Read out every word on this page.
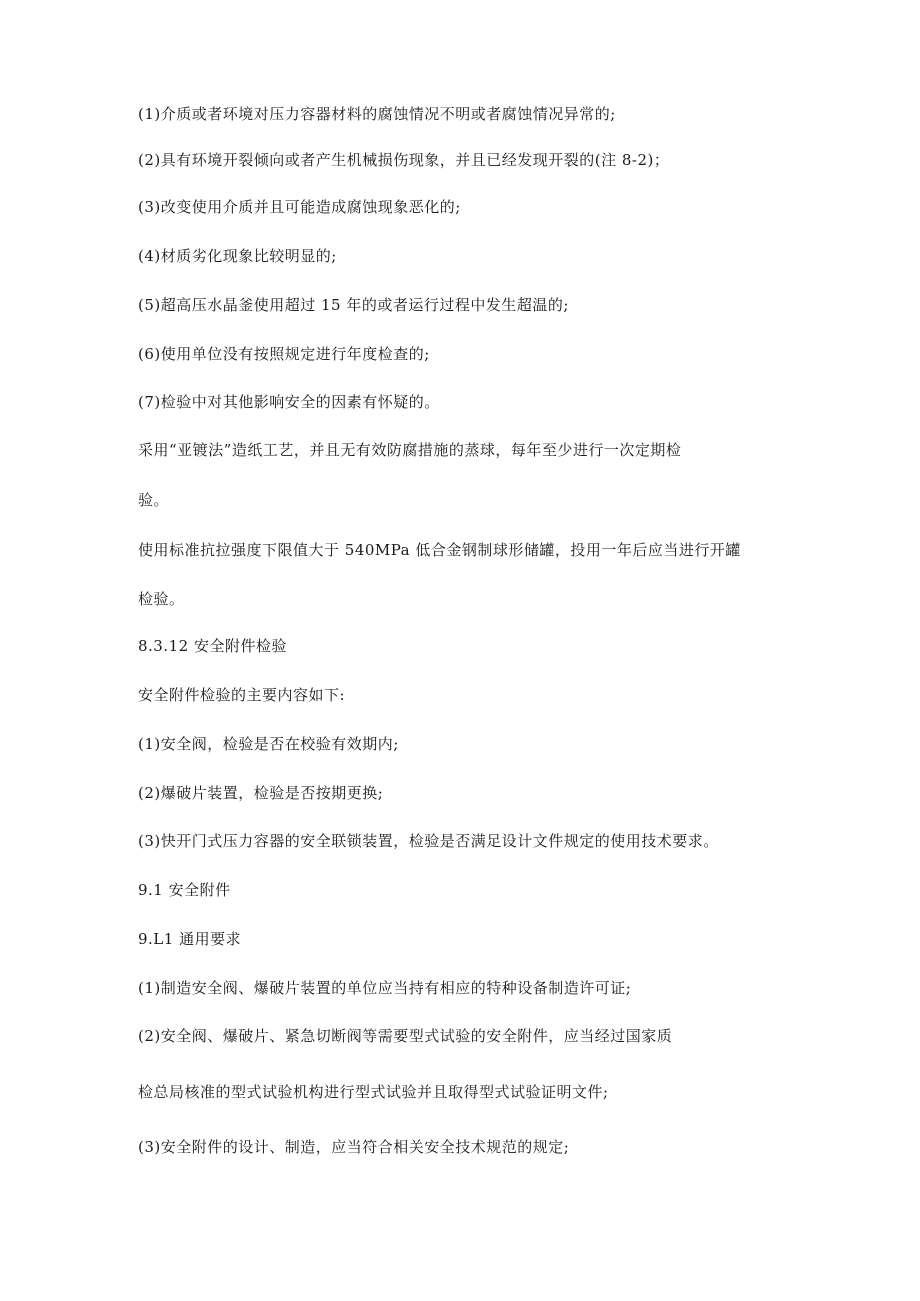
(1)介质或者环境对压力容器材料的腐蚀情况不明或者腐蚀情况异常的;
(2)具有环境开裂倾向或者产生机械损伤现象，并且已经发现开裂的(注 8-2)；
(3)改变使用介质并且可能造成腐蚀现象恶化的;
(4)材质劣化现象比较明显的;
(5)超高压水晶釜使用超过 15 年的或者运行过程中发生超温的;
(6)使用单位没有按照规定进行年度检查的;
(7)检验中对其他影响安全的因素有怀疑的。
采用“亚镀法”造纸工艺，并且无有效防腐措施的蒸球，每年至少进行一次定期检
验。
使用标准抗拉强度下限值大于 540MPa 低合金钢制球形储罐，投用一年后应当进行开罐
检验。
8.3.12 安全附件检验
安全附件检验的主要内容如下:
(1)安全阀，检验是否在校验有效期内;
(2)爆破片装置，检验是否按期更换;
(3)快开门式压力容器的安全联锁装置，检验是否满足设计文件规定的使用技术要求。
9.1 安全附件
9.L1 通用要求
(1)制造安全阀、爆破片装置的单位应当持有相应的特种设备制造许可证;
(2)安全阀、爆破片、紧急切断阀等需要型式试验的安全附件，应当经过国家质
检总局核准的型式试验机构进行型式试验并且取得型式试验证明文件;
(3)安全附件的设计、制造，应当符合相关安全技术规范的规定;
